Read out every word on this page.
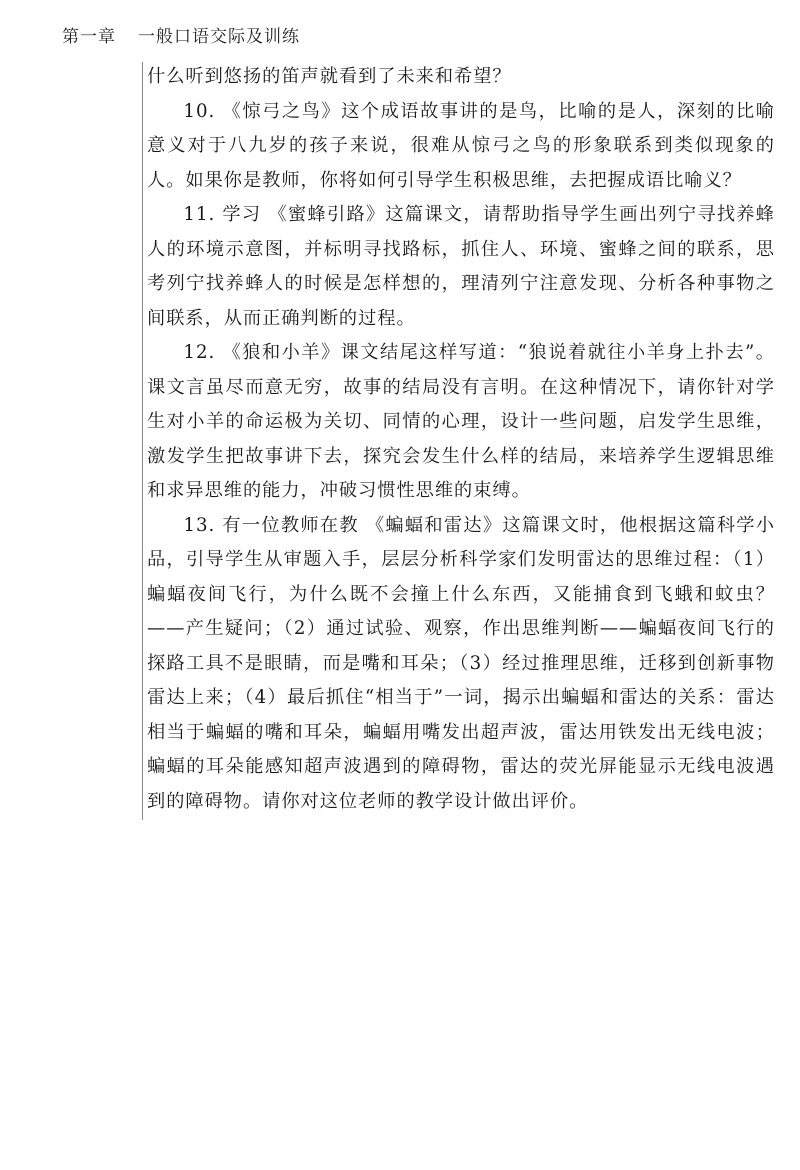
第一章 一般口语交际及训练

什么听到悠扬的笛声就看到了未来和希望？

10. 《惊弓之鸟》这个成语故事讲的是鸟，比喻的是人，深刻的比喻意义对于八九岁的孩子来说，很难从惊弓之鸟的形象联系到类似现象的人。如果你是教师，你将如何引导学生积极思维，去把握成语比喻义？

11. 学习 《蜜蜂引路》这篇课文，请帮助指导学生画出列宁寻找养蜂人的环境示意图，并标明寻找路标，抓住人、环境、蜜蜂之间的联系，思考列宁找养蜂人的时候是怎样想的，理清列宁注意发现、分析各种事物之间联系，从而正确判断的过程。

12. 《狼和小羊》课文结尾这样写道：“狼说着就往小羊身上扑去”。课文言虽尽而意无穷，故事的结局没有言明。在这种情况下，请你针对学生对小羊的命运极为关切、同情的心理，设计一些问题，启发学生思维，激发学生把故事讲下去，探究会发生什么样的结局，来培养学生逻辑思维和求异思维的能力，冲破习惯性思维的束缚。

13. 有一位教师在教 《蝙蝠和雷达》这篇课文时，他根据这篇科学小品，引导学生从审题入手，层层分析科学家们发明雷达的思维过程：（1）蝙蝠夜间飞行，为什么既不会撞上什么东西，又能捕食到飞蛾和蚊虫？——产生疑问；（2）通过试验、观察，作出思维判断——蝙蝠夜间飞行的探路工具不是眼睛，而是嘴和耳朵；（3）经过推理思维，迁移到创新事物雷达上来；（4）最后抓住“相当于”一词，揭示出蝙蝠和雷达的关系：雷达相当于蝙蝠的嘴和耳朵，蝙蝠用嘴发出超声波，雷达用铁发出无线电波；蝙蝠的耳朵能感知超声波遇到的障碍物，雷达的荧光屏能显示无线电波遇到的障碍物。请你对这位老师的教学设计做出评价。
